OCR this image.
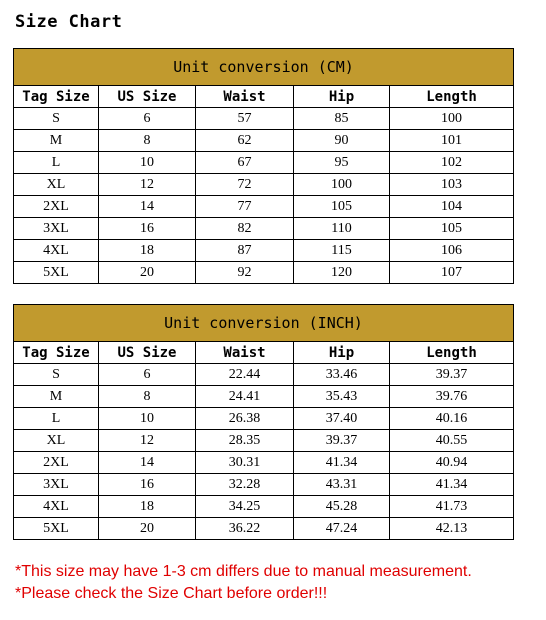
Size Chart
Unit conversion (CM)				
Tag Size	US Size	Waist	Hip	Length
S	6	57	85	100
M	8	62	90	101
L	10	67	95	102
XL	12	72	100	103
2XL	14	77	105	104
3XL	16	82	110	105
4XL	18	87	115	106
5XL	20	92	120	107
Unit conversion (INCH)				
Tag Size	US Size	Waist	Hip	Length
S	6	22.44	33.46	39.37
M	8	24.41	35.43	39.76
L	10	26.38	37.40	40.16
XL	12	28.35	39.37	40.55
2XL	14	30.31	41.34	40.94
3XL	16	32.28	43.31	41.34
4XL	18	34.25	45.28	41.73
5XL	20	36.22	47.24	42.13
*This size may have 1-3 cm differs due to manual measurement.
*Please check the Size Chart before order!!!
